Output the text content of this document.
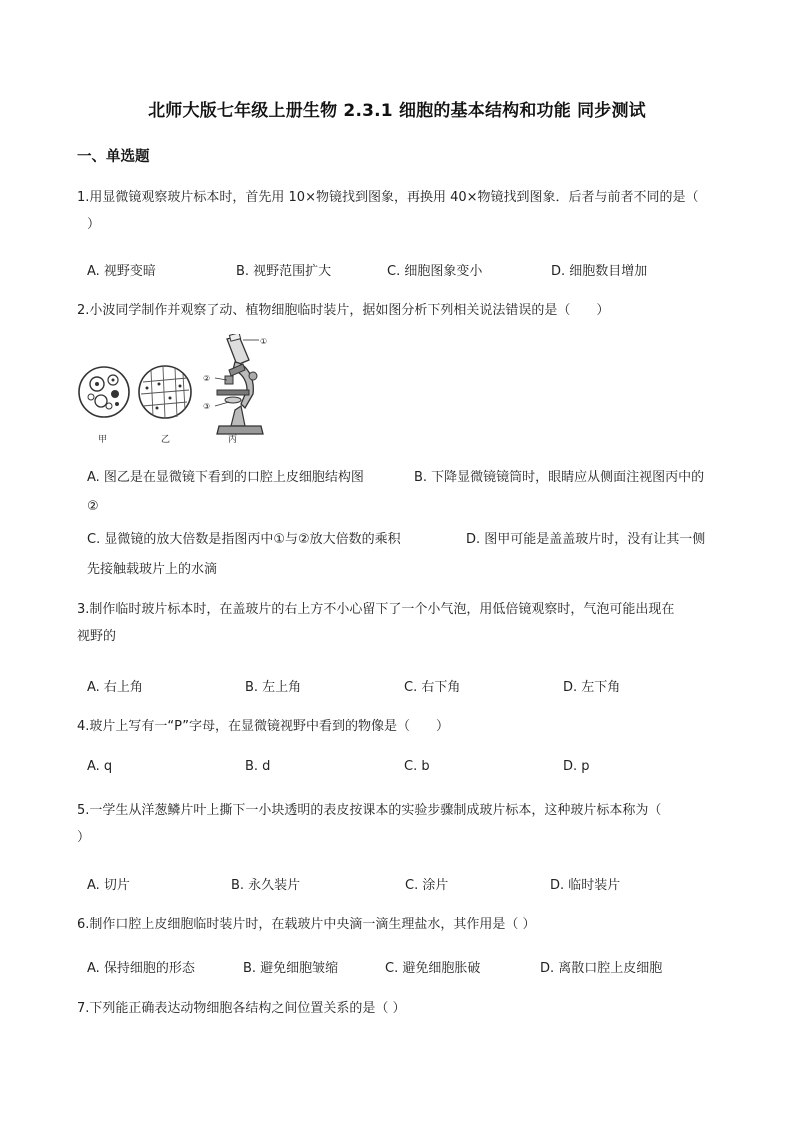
北师大版七年级上册生物 2.3.1 细胞的基本结构和功能 同步测试
一、单选题
1.用显微镜观察玻片标本时，首先用 10×物镜找到图象，再换用 40×物镜找到图象．后者与前者不同的是（
）
A. 视野变暗	B. 视野范围扩大	C. 细胞图象变小	D. 细胞数目增加
2.小波同学制作并观察了动、植物细胞临时装片，据如图分析下列相关说法错误的是（　　）
①
②
③
甲	乙	丙
A. 图乙是在显微镜下看到的口腔上皮细胞结构图	B. 下降显微镜镜筒时，眼睛应从侧面注视图丙中的
②
C. 显微镜的放大倍数是指图丙中①与②放大倍数的乘积	D. 图甲可能是盖盖玻片时，没有让其一侧
先接触载玻片上的水滴
3.制作临时玻片标本时，在盖玻片的右上方不小心留下了一个小气泡，用低倍镜观察时，气泡可能出现在
视野的
A. 右上角	B. 左上角	C. 右下角	D. 左下角
4.玻片上写有一“P”字母，在显微镜视野中看到的物像是（　　）
A. q	B. d	C. b	D. p
5.一学生从洋葱鳞片叶上撕下一小块透明的表皮按课本的实验步骤制成玻片标本，这种玻片标本称为（
）
A. 切片	B. 永久装片	C. 涂片	D. 临时装片
6.制作口腔上皮细胞临时装片时，在载玻片中央滴一滴生理盐水，其作用是（ ）
A. 保持细胞的形态	B. 避免细胞皱缩	C. 避免细胞胀破	D. 离散口腔上皮细胞
7.下列能正确表达动物细胞各结构之间位置关系的是（ ）
